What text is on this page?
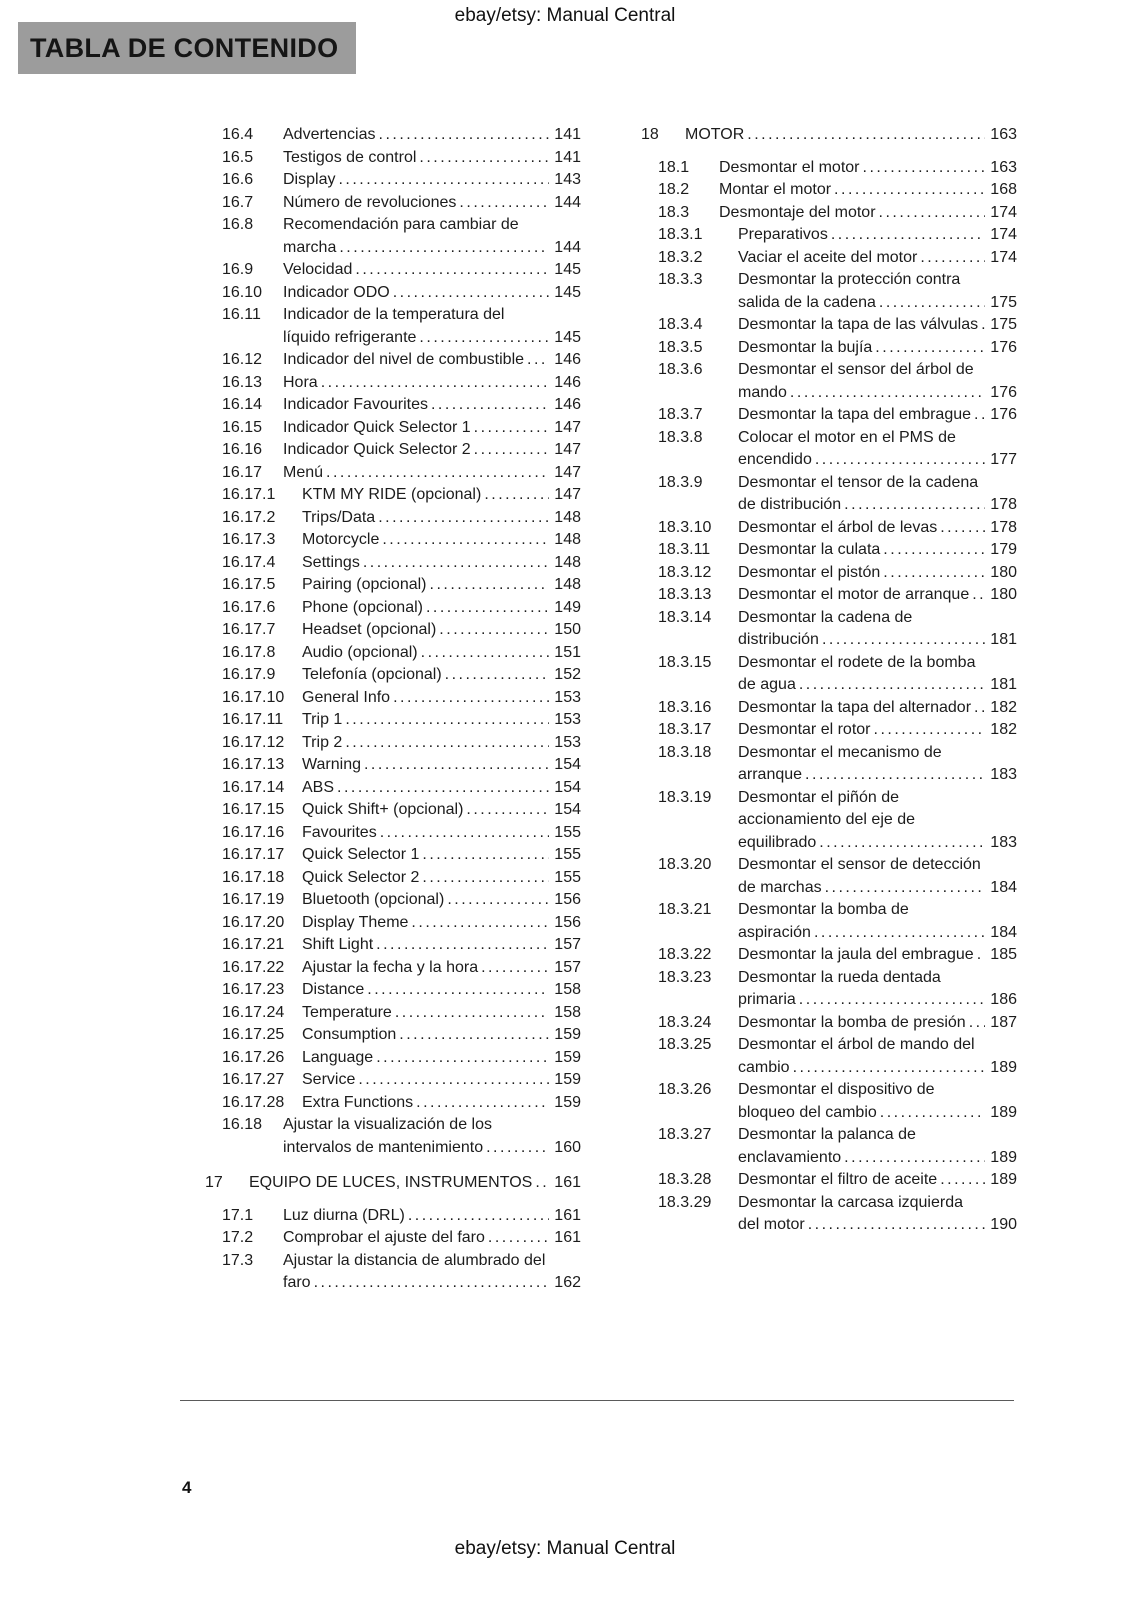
ebay/etsy: Manual Central
TABLA DE CONTENIDO
16.4	Advertencias .....	141
16.5	Testigos de control .....	141
16.6	Display .....	143
16.7	Número de revoluciones .....	144
16.8	Recomendación para cambiar de marcha .....	144
16.9	Velocidad .....	145
16.10	Indicador ODO .....	145
16.11	Indicador de la temperatura del líquido refrigerante .....	145
16.12	Indicador del nivel de combustible .....	146
16.13	Hora .....	146
16.14	Indicador Favourites .....	146
16.15	Indicador Quick Selector 1 .....	147
16.16	Indicador Quick Selector 2 .....	147
16.17	Menú .....	147
16.17.1	KTM MY RIDE (opcional) .....	147
16.17.2	Trips/Data .....	148
16.17.3	Motorcycle .....	148
16.17.4	Settings .....	148
16.17.5	Pairing (opcional) .....	148
16.17.6	Phone (opcional) .....	149
16.17.7	Headset (opcional) .....	150
16.17.8	Audio (opcional) .....	151
16.17.9	Telefonía (opcional) .....	152
16.17.10	General Info .....	153
16.17.11	Trip 1 .....	153
16.17.12	Trip 2 .....	153
16.17.13	Warning .....	154
16.17.14	ABS .....	154
16.17.15	Quick Shift+ (opcional) .....	154
16.17.16	Favourites .....	155
16.17.17	Quick Selector 1 .....	155
16.17.18	Quick Selector 2 .....	155
16.17.19	Bluetooth (opcional) .....	156
16.17.20	Display Theme .....	156
16.17.21	Shift Light .....	157
16.17.22	Ajustar la fecha y la hora .....	157
16.17.23	Distance .....	158
16.17.24	Temperature .....	158
16.17.25	Consumption .....	159
16.17.26	Language .....	159
16.17.27	Service .....	159
16.17.28	Extra Functions .....	159
16.18	Ajustar la visualización de los intervalos de mantenimiento .....	160
17	EQUIPO DE LUCES, INSTRUMENTOS .....	161
17.1	Luz diurna (DRL) .....	161
17.2	Comprobar el ajuste del faro .....	161
17.3	Ajustar la distancia de alumbrado del faro .....	162
18	MOTOR .....	163
18.1	Desmontar el motor .....	163
18.2	Montar el motor .....	168
18.3	Desmontaje del motor .....	174
18.3.1	Preparativos .....	174
18.3.2	Vaciar el aceite del motor .....	174
18.3.3	Desmontar la protección contra salida de la cadena .....	175
18.3.4	Desmontar la tapa de las válvulas ..... 175
18.3.5	Desmontar la bujía .....	176
18.3.6	Desmontar el sensor del árbol de mando .....	176
18.3.7	Desmontar la tapa del embrague .....	176
18.3.8	Colocar el motor en el PMS de encendido .....	177
18.3.9	Desmontar el tensor de la cadena de distribución .....	178
18.3.10	Desmontar el árbol de levas .....	178
18.3.11	Desmontar la culata .....	179
18.3.12	Desmontar el pistón .....	180
18.3.13	Desmontar el motor de arranque .....	180
18.3.14	Desmontar la cadena de distribución .....	181
18.3.15	Desmontar el rodete de la bomba de agua .....	181
18.3.16	Desmontar la tapa del alternador .....	182
18.3.17	Desmontar el rotor .....	182
18.3.18	Desmontar el mecanismo de arranque .....	183
18.3.19	Desmontar el piñón de accionamiento del eje de equilibrado .....	183
18.3.20	Desmontar el sensor de detección de marchas .....	184
18.3.21	Desmontar la bomba de aspiración .....	184
18.3.22	Desmontar la jaula del embrague .....	185
18.3.23	Desmontar la rueda dentada primaria .....	186
18.3.24	Desmontar la bomba de presión .....	187
18.3.25	Desmontar el árbol de mando del cambio .....	189
18.3.26	Desmontar el dispositivo de bloqueo del cambio .....	189
18.3.27	Desmontar la palanca de enclavamiento .....	189
18.3.28	Desmontar el filtro de aceite .....	189
18.3.29	Desmontar la carcasa izquierda del motor .....	190
4
ebay/etsy: Manual Central
